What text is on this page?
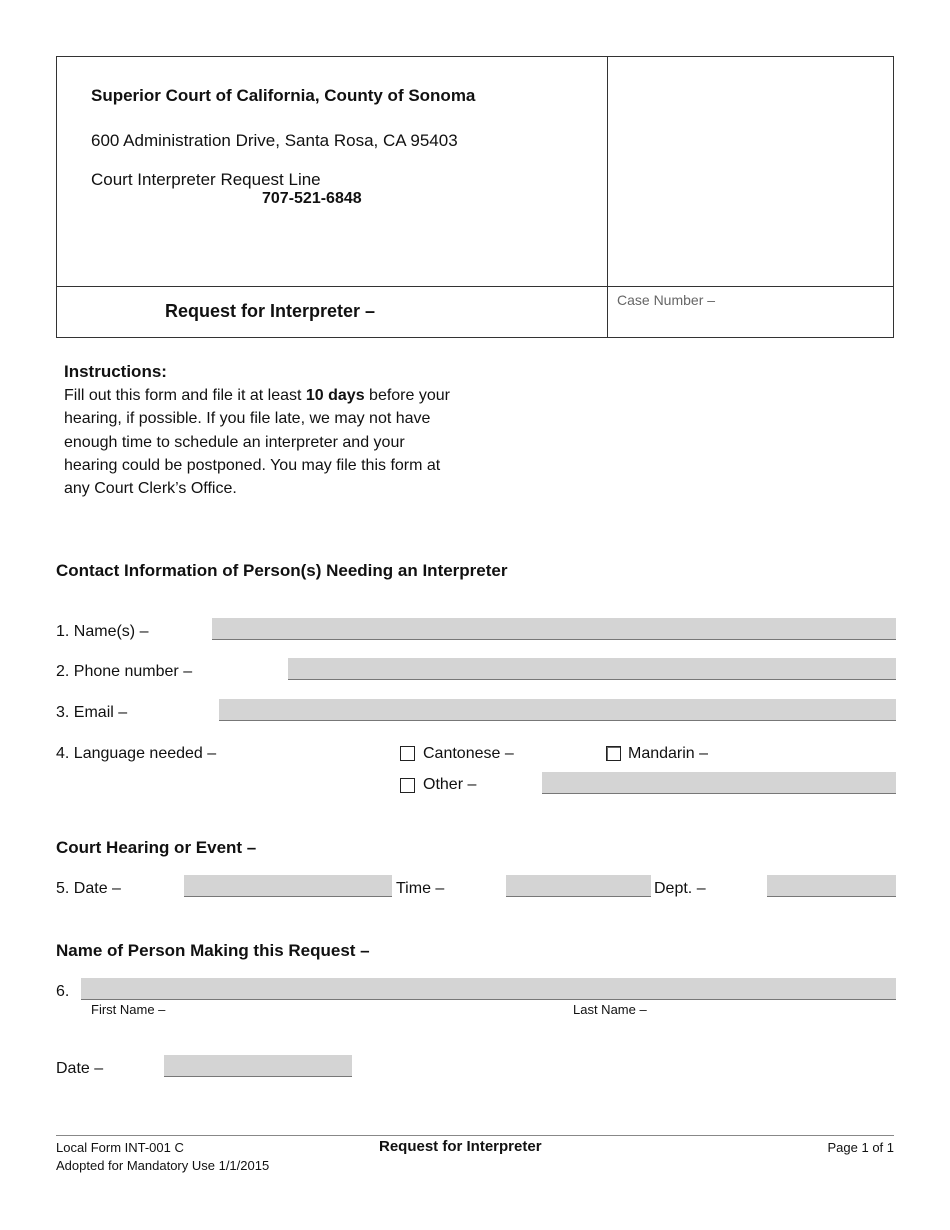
Superior Court of California, County of Sonoma
600 Administration Drive, Santa Rosa, CA 95403
Court Interpreter Request Line
707-521-6848
Request for Interpreter –
Case Number –
Instructions:
Fill out this form and file it at least 10 days before your hearing, if possible. If you file late, we may not have enough time to schedule an interpreter and your hearing could be postponed. You may file this form at any Court Clerk’s Office.
Contact Information of Person(s) Needing an Interpreter
1. Name(s) –
2. Phone number –
3. Email –
4. Language needed –	Cantonese –	Mandarin –
Other –
Court Hearing or Event –
5. Date –	Time –	Dept. –
Name of Person Making this Request –
6.
First Name –	Last Name –
Date –
Local Form INT-001 C
Adopted for Mandatory Use 1/1/2015
Request for Interpreter	Page 1 of 1
